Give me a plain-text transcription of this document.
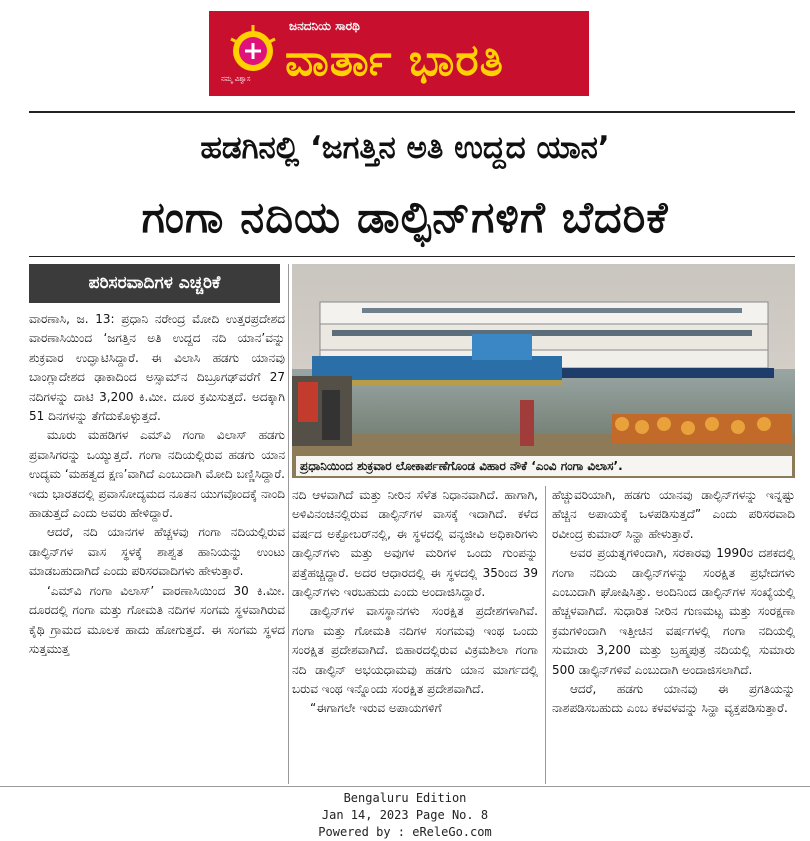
ನಮ್ಮ ವಿಶ್ವಾಸ
ಜನದನಿಯ ಸಾರಥಿ
ವಾರ್ತಾ ಭಾರತಿ
ಹಡಗಿನಲ್ಲಿ ‘ಜಗತ್ತಿನ ಅತಿ ಉದ್ದದ ಯಾನ’
ಗಂಗಾ ನದಿಯ ಡಾಲ್ಫಿನ್‌ಗಳಿಗೆ ಬೆದರಿಕೆ
ಪರಿಸರವಾದಿಗಳ ಎಚ್ಚರಿಕೆ

ವಾರಣಾಸಿ, ಜ. 13: ಪ್ರಧಾನಿ ನರೇಂದ್ರ ಮೋದಿ ಉತ್ತರಪ್ರದೇಶದ ವಾರಣಾಸಿಯಿಂದ ‘ಜಗತ್ತಿನ ಅತಿ ಉದ್ದದ ನದಿ ಯಾನ’ವನ್ನು ಶುಕ್ರವಾರ ಉದ್ಘಾಟಿಸಿದ್ದಾರೆ. ಈ ವಿಲಾಸಿ ಹಡಗು ಯಾನವು ಬಾಂಗ್ಲಾದೇಶದ ಢಾಕಾದಿಂದ ಅಸ್ಸಾಮ್‌ನ ದಿಬ್ರೂಗಢ್‌ವರೆಗೆ 27 ನದಿಗಳನ್ನು ದಾಟಿ 3,200 ಕಿ.ಮೀ. ದೂರ ಕ್ರಮಿಸುತ್ತದೆ. ಅದಕ್ಕಾಗಿ 51 ದಿನಗಳನ್ನು ತೆಗೆದುಕೊಳ್ಳುತ್ತದೆ.

ಮೂರು ಮಹಡಿಗಳ ಎಮ್‌ವಿ ಗಂಗಾ ವಿಲಾಸ್ ಹಡಗು ಪ್ರವಾಸಿಗರನ್ನು ಒಯ್ಯುತ್ತದೆ. ಗಂಗಾ ನದಿಯಲ್ಲಿರುವ ಹಡಗು ಯಾನ ಉದ್ಯಮ ‘ಮಹತ್ವದ ಕ್ಷಣ’ವಾಗಿದೆ ಎಂಬುದಾಗಿ ಮೋದಿ ಬಣ್ಣಿಸಿದ್ದಾರೆ. ಇದು ಭಾರತದಲ್ಲಿ ಪ್ರವಾಸೋದ್ಯಮದ ನೂತನ ಯುಗವೊಂದಕ್ಕೆ ನಾಂದಿ ಹಾಡುತ್ತದೆ ಎಂದು ಅವರು ಹೇಳಿದ್ದಾರೆ.

ಆದರೆ, ನದಿ ಯಾನಗಳ ಹೆಚ್ಚಳವು ಗಂಗಾ ನದಿಯಲ್ಲಿರುವ ಡಾಲ್ಫಿನ್‌ಗಳ ವಾಸ ಸ್ಥಳಕ್ಕೆ ಶಾಶ್ವತ ಹಾನಿಯನ್ನು ಉಂಟು ಮಾಡಬಹುದಾಗಿದೆ ಎಂದು ಪರಿಸರವಾದಿಗಳು ಹೇಳುತ್ತಾರೆ.

‘ಎಮ್‌ವಿ ಗಂಗಾ ವಿಲಾಸ್’ ವಾರಣಾಸಿಯಿಂದ 30 ಕಿ.ಮೀ. ದೂರದಲ್ಲಿ ಗಂಗಾ ಮತ್ತು ಗೋಮತಿ ನದಿಗಳ ಸಂಗಮ ಸ್ಥಳವಾಗಿರುವ ಕೈಥಿ ಗ್ರಾಮದ ಮೂಲಕ ಹಾದು ಹೋಗುತ್ತದೆ. ಈ ಸಂಗಮ ಸ್ಥಳದ ಸುತ್ತಮುತ್ತ

ಪ್ರಧಾನಿಯಿಂದ ಶುಕ್ರವಾರ ಲೋಕಾರ್ಪಣೆಗೊಂಡ ವಿಹಾರ ನೌಕೆ ‘ಎಂವಿ ಗಂಗಾ ವಿಲಾಸ’.

ನದಿ ಆಳವಾಗಿದೆ ಮತ್ತು ನೀರಿನ ಸೆಳೆತ ನಿಧಾನವಾಗಿದೆ. ಹಾಗಾಗಿ, ಅಳಿವಿನಂಚಿನಲ್ಲಿರುವ ಡಾಲ್ಫಿನ್‌ಗಳ ವಾಸಕ್ಕೆ ಇದಾಗಿದೆ. ಕಳೆದ ವರ್ಷದ ಅಕ್ಟೋಬರ್‌ನಲ್ಲಿ, ಈ ಸ್ಥಳದಲ್ಲಿ ವನ್ಯಜೀವಿ ಅಧಿಕಾರಿಗಳು ಡಾಲ್ಫಿನ್‌ಗಳು ಮತ್ತು ಅವುಗಳ ಮರಿಗಳ ಒಂದು ಗುಂಪನ್ನು ಪತ್ತೆಹಚ್ಚಿದ್ದಾರೆ. ಅದರ ಆಧಾರದಲ್ಲಿ ಈ ಸ್ಥಳದಲ್ಲಿ 35ರಿಂದ 39 ಡಾಲ್ಫಿನ್‌ಗಳು ಇರಬಹುದು ಎಂದು ಅಂದಾಜಿಸಿದ್ದಾರೆ.

ಡಾಲ್ಫಿನ್‌ಗಳ ವಾಸಸ್ಥಾನಗಳು ಸಂರಕ್ಷಿತ ಪ್ರದೇಶಗಳಾಗಿವೆ. ಗಂಗಾ ಮತ್ತು ಗೋಮತಿ ನದಿಗಳ ಸಂಗಮವು ಇಂಥ ಒಂದು ಸಂರಕ್ಷಿತ ಪ್ರದೇಶವಾಗಿದೆ. ಬಿಹಾರದಲ್ಲಿರುವ ವಿಕ್ರಮಶಿಲಾ ಗಂಗಾ ನದಿ ಡಾಲ್ಫಿನ್ ಅಭಯಧಾಮವು ಹಡಗು ಯಾನ ಮಾರ್ಗದಲ್ಲಿ ಬರುವ ಇಂಥ ಇನ್ನೊಂದು ಸಂರಕ್ಷಿತ ಪ್ರದೇಶವಾಗಿದೆ.

“ಈಗಾಗಲೇ ಇರುವ ಅಪಾಯಗಳಿಗೆ

ಹೆಚ್ಚುವರಿಯಾಗಿ, ಹಡಗು ಯಾನವು ಡಾಲ್ಫಿನ್‌ಗಳನ್ನು ಇನ್ನಷ್ಟು ಹೆಚ್ಚಿನ ಅಪಾಯಕ್ಕೆ ಒಳಪಡಿಸುತ್ತದೆ” ಎಂದು ಪರಿಸರವಾದಿ ರವೀಂದ್ರ ಕುಮಾರ್ ಸಿನ್ಹಾ ಹೇಳುತ್ತಾರೆ.

ಅವರ ಪ್ರಯತ್ನಗಳಿಂದಾಗಿ, ಸರಕಾರವು 1990ರ ದಶಕದಲ್ಲಿ ಗಂಗಾ ನದಿಯ ಡಾಲ್ಫಿನ್‌ಗಳನ್ನು ಸಂರಕ್ಷಿತ ಪ್ರಭೇದಗಳು ಎಂಬುದಾಗಿ ಘೋಷಿಸಿತ್ತು. ಅಂದಿನಿಂದ ಡಾಲ್ಫಿನ್‌ಗಳ ಸಂಖ್ಯೆಯಲ್ಲಿ ಹೆಚ್ಚಳವಾಗಿದೆ. ಸುಧಾರಿತ ನೀರಿನ ಗುಣಮಟ್ಟ ಮತ್ತು ಸಂರಕ್ಷಣಾ ಕ್ರಮಗಳಿಂದಾಗಿ ಇತ್ತೀಚಿನ ವರ್ಷಗಳಲ್ಲಿ ಗಂಗಾ ನದಿಯಲ್ಲಿ ಸುಮಾರು 3,200 ಮತ್ತು ಬ್ರಹ್ಮಪುತ್ರ ನದಿಯಲ್ಲಿ ಸುಮಾರು 500 ಡಾಲ್ಫಿನ್‌ಗಳಿವೆ ಎಂಬುದಾಗಿ ಅಂದಾಜಿಸಲಾಗಿದೆ.

ಆದರೆ, ಹಡಗು ಯಾನವು ಈ ಪ್ರಗತಿಯನ್ನು ನಾಶಪಡಿಸಬಹುದು ಎಂಬ ಕಳವಳವನ್ನು ಸಿನ್ಹಾ ವ್ಯಕ್ತಪಡಿಸುತ್ತಾರೆ.

Bengaluru Edition
Jan 14, 2023 Page No. 8
Powered by : eReleGo.com
